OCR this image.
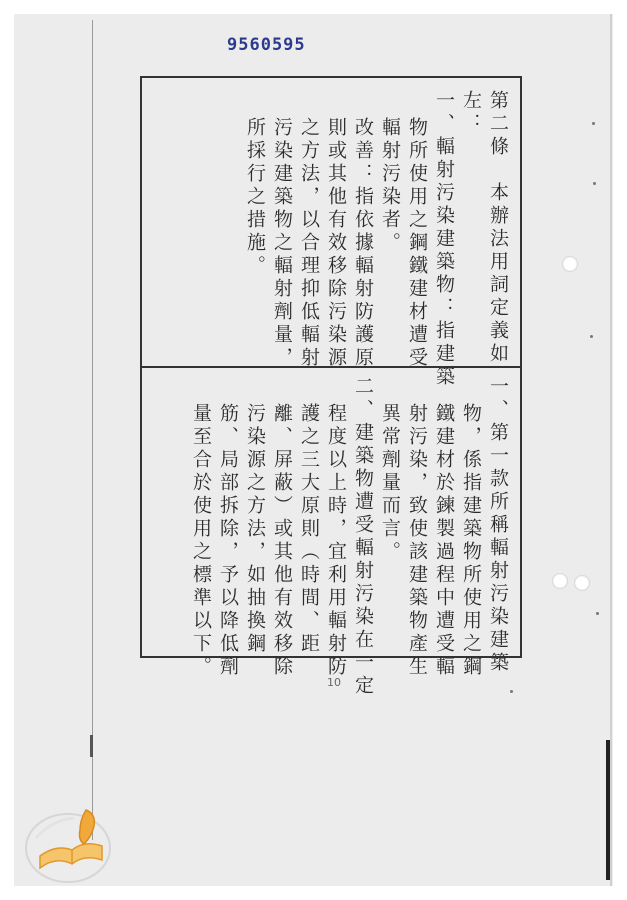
9560595
第二條　本辦法用詞定義如
左：
一、輻射污染建築物：指建築
物所使用之鋼鐵建材遭受
輻射污染者。
改善：指依據輻射防護原
則或其他有效移除污染源
之方法，以合理抑低輻射
污染建築物之輻射劑量，
所採行之措施。
一、第一款所稱輻射污染建築
物，係指建築物所使用之鋼
鐵建材於鍊製過程中遭受輻
射污染，致使該建築物產生
異常劑量而言。
二、建築物遭受輻射污染在一定
程度以上時，宜利用輻射防
護之三大原則（時間、距
離、屏蔽）或其他有效移除
污染源之方法，如抽換鋼
筋、局部拆除，予以降低劑
量至合於使用之標準以下。
10
